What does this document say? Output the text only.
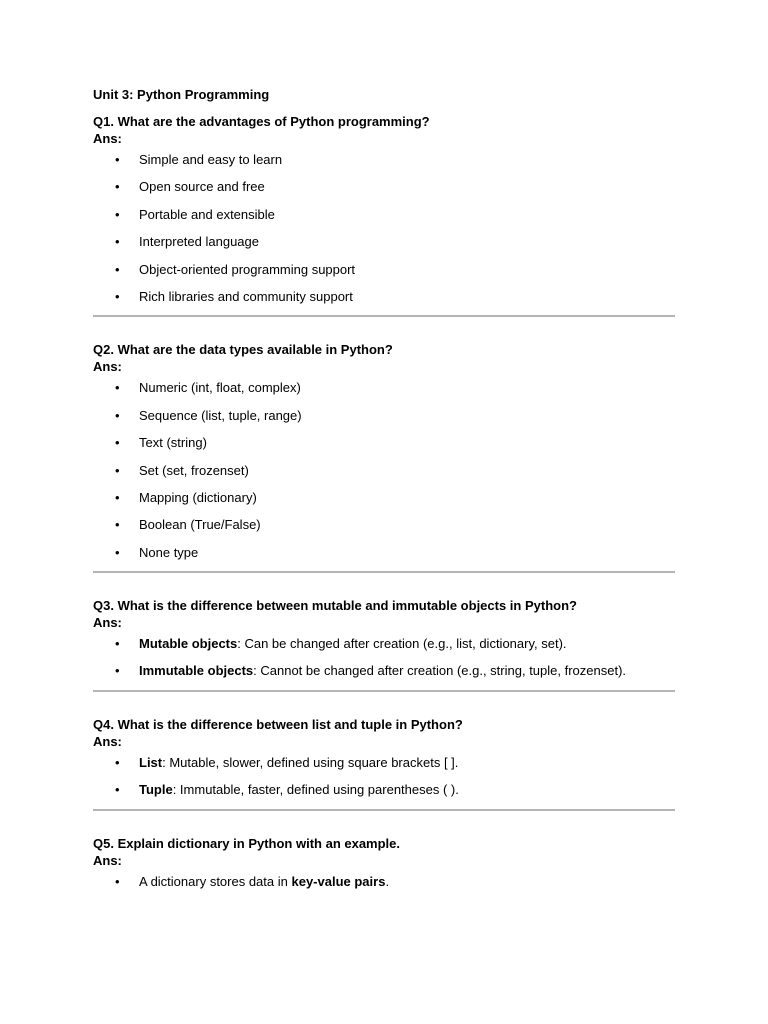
Unit 3: Python Programming
Q1. What are the advantages of Python programming?
Ans:
• Simple and easy to learn
• Open source and free
• Portable and extensible
• Interpreted language
• Object-oriented programming support
• Rich libraries and community support
Q2. What are the data types available in Python?
Ans:
• Numeric (int, float, complex)
• Sequence (list, tuple, range)
• Text (string)
• Set (set, frozenset)
• Mapping (dictionary)
• Boolean (True/False)
• None type
Q3. What is the difference between mutable and immutable objects in Python?
Ans:
• Mutable objects: Can be changed after creation (e.g., list, dictionary, set).
• Immutable objects: Cannot be changed after creation (e.g., string, tuple, frozenset).
Q4. What is the difference between list and tuple in Python?
Ans:
• List: Mutable, slower, defined using square brackets [ ].
• Tuple: Immutable, faster, defined using parentheses ( ).
Q5. Explain dictionary in Python with an example.
Ans:
• A dictionary stores data in key-value pairs.
